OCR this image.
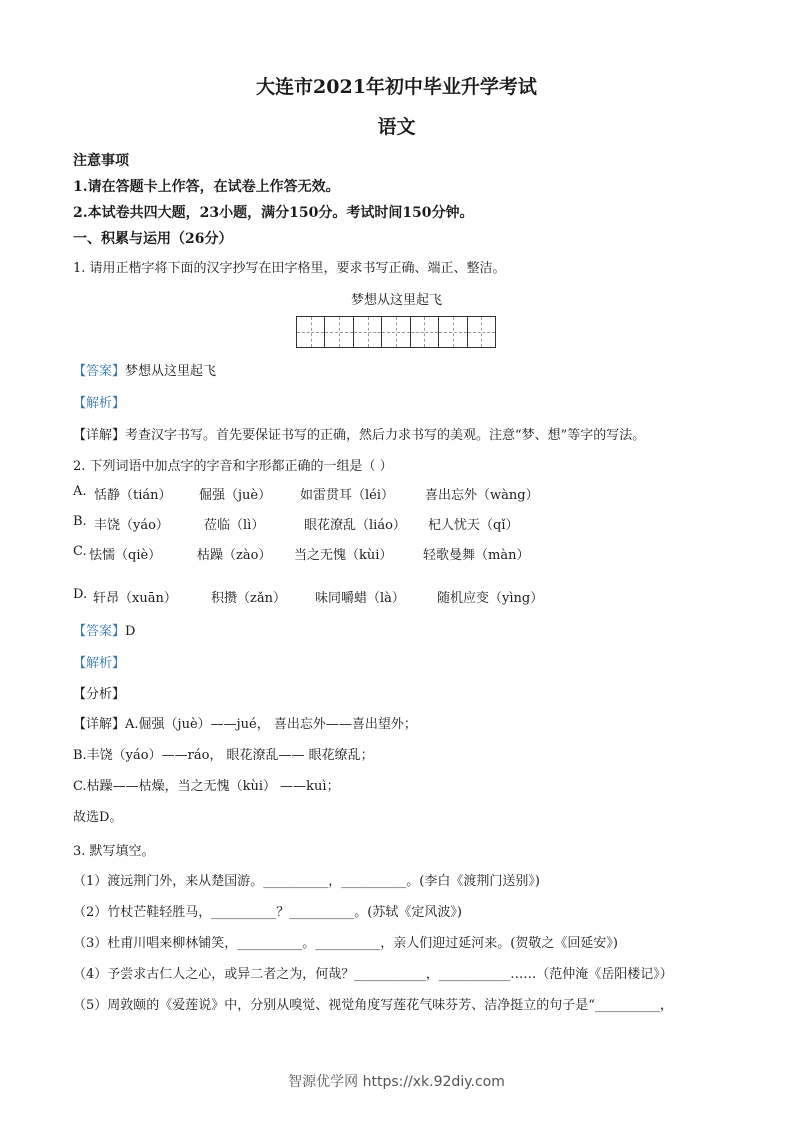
大连市2021年初中毕业升学考试
语文
注意事项
1.请在答题卡上作答，在试卷上作答无效。
2.本试卷共四大题，23小题，满分150分。考试时间150分钟。
一、积累与运用（26分）
1. 请用正楷字将下面的汉字抄写在田字格里，要求书写正确、端正、整洁。
梦想从这里起飞
【答案】梦想从这里起飞
【解析】
【详解】考查汉字书写。首先要保证书写的正确，然后力求书写的美观。注意“梦、想”等字的写法。
2. 下列词语中加点字的字音和字形都正确的一组是（ ）
A. 恬静（tián） 倔强（juè） 如雷贯耳（léi） 喜出忘外（wàng）
B. 丰饶（yáo）	莅临（lì）	眼花潦乱（liáo） 杞人忧天（qǐ）
C. 怯懦（qiè）	枯躁（zào） 当之无愧（kùi） 轻歌曼舞（màn）
D. 轩昂（xuān）	积攒（zǎn） 味同嚼蜡（là） 随机应变（yìng）
【答案】D
【解析】
【分析】
【详解】A.倔强（juè）——jué， 喜出忘外——喜出望外；
B.丰饶（yáo）——ráo， 眼花潦乱—— 眼花缭乱；
C.枯躁——枯燥，当之无愧（kùi） ——kuì；
故选D。
3. 默写填空。
（1）渡远荆门外，来从楚国游。__________，__________。(李白《渡荆门送别》)
（2）竹杖芒鞋轻胜马，__________？__________。(苏轼《定风波》)
（3）杜甫川唱来柳林铺笑，__________。__________，亲人们迎过延河来。(贺敬之《回延安》)
（4）予尝求古仁人之心，或异二者之为，何哉？___________，___________……（范仲淹《岳阳楼记》）
（5）周敦颐的《爱莲说》中，分别从嗅觉、视觉角度写莲花气味芬芳、洁净挺立的句子是“__________，
智源优学网 https://xk.92diy.com
